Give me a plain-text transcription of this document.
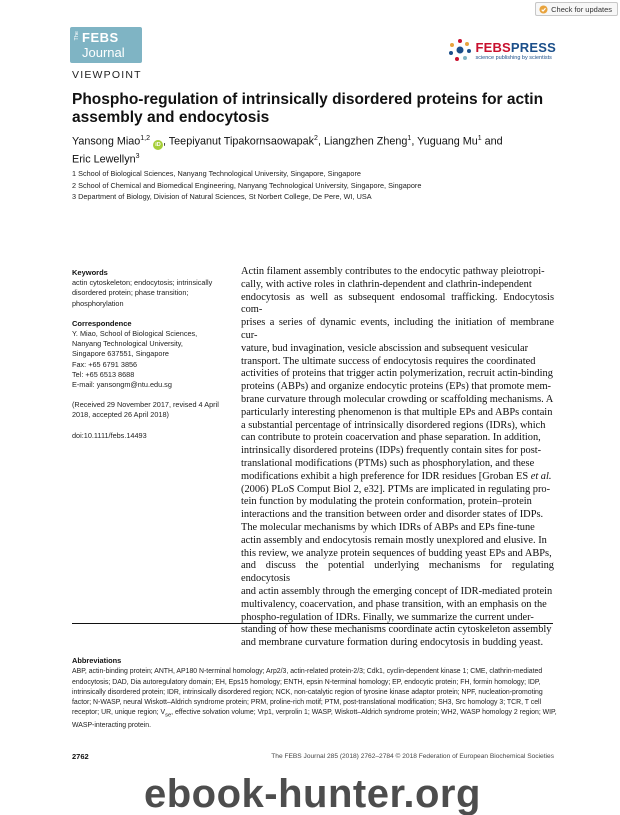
Check for updates
The FEBS
Journal	FEBSPRESS
science publishing by scientists
VIEWPOINT
Phospho-regulation of intrinsically disordered proteins for actin assembly and endocytosis
Yansong Miao$^{1,2}$ iD , Teepiyanut Tipakornsaowapak$^2$, Liangzhen Zheng$^1$, Yuguang Mu$^1$ and
Eric Lewellyn$^3$
1 School of Biological Sciences, Nanyang Technological University, Singapore, Singapore
2 School of Chemical and Biomedical Engineering, Nanyang Technological University, Singapore, Singapore
3 Department of Biology, Division of Natural Sciences, St Norbert College, De Pere, WI, USA
Keywords
actin cytoskeleton; endocytosis; intrinsically disordered protein; phase transition; phosphorylation
Correspondence
Y. Miao, School of Biological Sciences,
Nanyang Technological University,
Singapore 637551, Singapore
Fax: +65 6791 3856
Tel: +65 6513 8688
E-mail: yansongm@ntu.edu.sg
(Received 29 November 2017, revised 4 April 2018, accepted 26 April 2018)
doi:10.1111/febs.14493

Actin filament assembly contributes to the endocytic pathway pleiotropi-
cally, with active roles in clathrin-dependent and clathrin-independent
endocytosis as well as subsequent endosomal trafficking. Endocytosis com-
prises a series of dynamic events, including the initiation of membrane cur-
vature, bud invagination, vesicle abscission and subsequent vesicular
transport. The ultimate success of endocytosis requires the coordinated
activities of proteins that trigger actin polymerization, recruit actin-binding
proteins (ABPs) and organize endocytic proteins (EPs) that promote mem-
brane curvature through molecular crowding or scaffolding mechanisms. A
particularly interesting phenomenon is that multiple EPs and ABPs contain
a substantial percentage of intrinsically disordered regions (IDRs), which
can contribute to protein coacervation and phase separation. In addition,
intrinsically disordered proteins (IDPs) frequently contain sites for post-
translational modifications (PTMs) such as phosphorylation, and these
modifications exhibit a high preference for IDR residues [Groban ES et al.
(2006) PLoS Comput Biol 2, e32]. PTMs are implicated in regulating pro-
tein function by modulating the protein conformation, protein–protein
interactions and the transition between order and disorder states of IDPs.
The molecular mechanisms by which IDRs of ABPs and EPs fine-tune
actin assembly and endocytosis remain mostly unexplored and elusive. In
this review, we analyze protein sequences of budding yeast EPs and ABPs,
and discuss the potential underlying mechanisms for regulating endocytosis
and actin assembly through the emerging concept of IDR-mediated protein
multivalency, coacervation, and phase transition, with an emphasis on the
phospho-regulation of IDRs. Finally, we summarize the current under-
standing of how these mechanisms coordinate actin cytoskeleton assembly
and membrane curvature formation during endocytosis in budding yeast.

Abbreviations
ABP, actin-binding protein; ANTH, AP180 N-terminal homology; Arp2/3, actin-related protein-2/3; Cdk1, cyclin-dependent kinase 1; CME, clathrin-mediated endocytosis; DAD, Dia autoregulatory domain; EH, Eps15 homology; ENTH, epsin N-terminal homology; EP, endocytic protein; FH, formin homology; IDP, intrinsically disordered protein; IDR, intrinsically disordered region; NCK, non-catalytic region of tyrosine kinase adaptor protein; NPF, nucleation-promoting factor; N-WASP, neural Wiskott–Aldrich syndrome protein; PRM, proline-rich motif; PTM, post-translational modification; SH3, Src homology 3; TCR, T cell receptor; UR, unique region; $V_{se}$, effective solvation volume; Vrp1, verprolin 1; WASP, Wiskott–Aldrich syndrome protein; WH2, WASP homology 2 region; WIP, WASP-interacting protein.
2762	The FEBS Journal 285 (2018) 2762–2784 © 2018 Federation of European Biochemical Societies
ebook-hunter.org
